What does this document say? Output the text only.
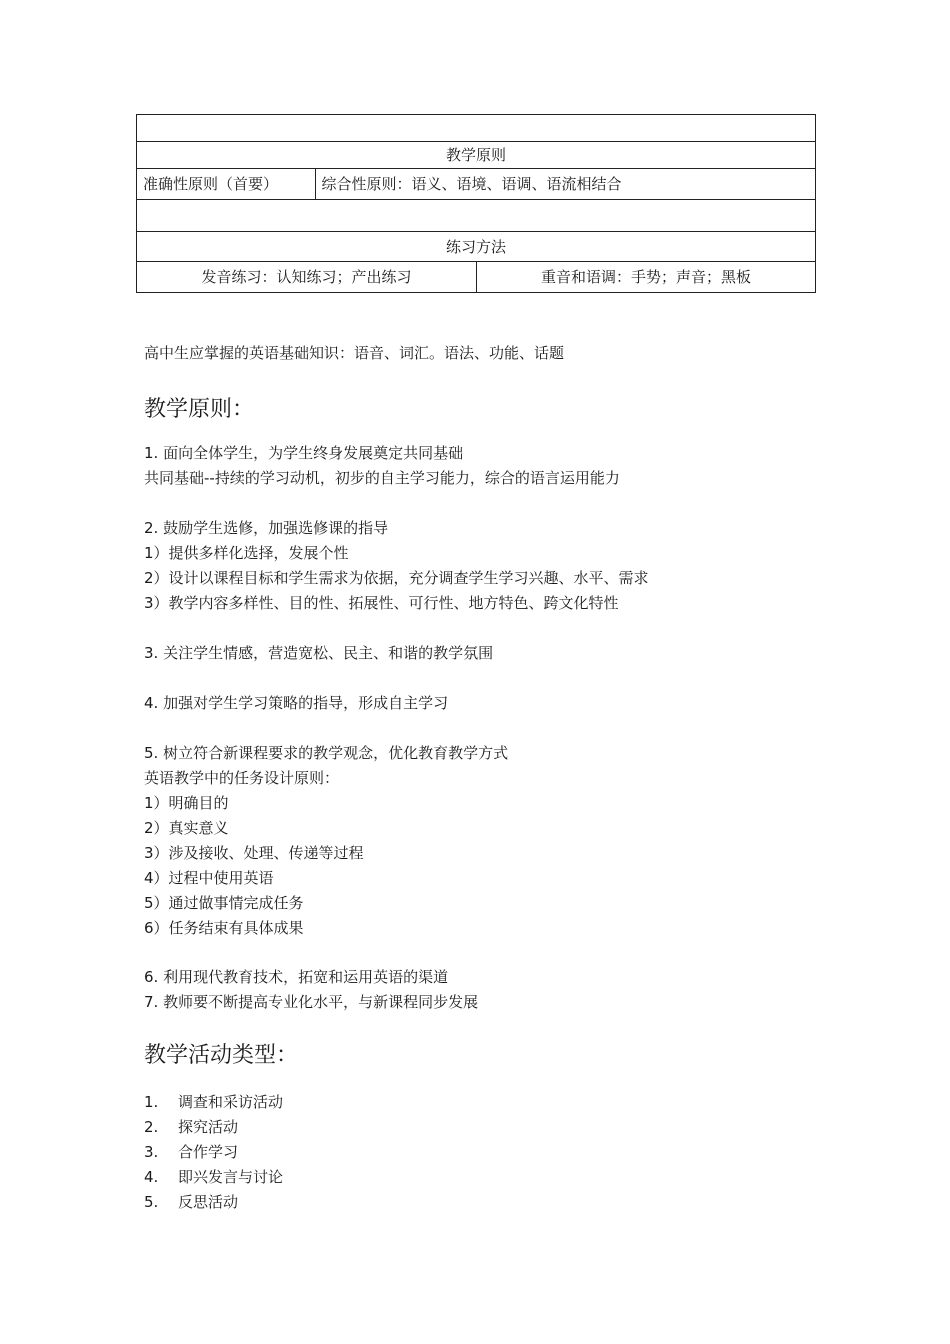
教学原则
准确性原则（首要）	综合性原则：语义、语境、语调、语流相结合
练习方法
发音练习：认知练习；产出练习	重音和语调：手势；声音；黑板
高中生应掌握的英语基础知识：语音、词汇。语法、功能、话题
教学原则：
1. 面向全体学生，为学生终身发展奠定共同基础
共同基础--持续的学习动机，初步的自主学习能力，综合的语言运用能力
2. 鼓励学生选修，加强选修课的指导
1）提供多样化选择，发展个性
2）设计以课程目标和学生需求为依据，充分调查学生学习兴趣、水平、需求
3）教学内容多样性、目的性、拓展性、可行性、地方特色、跨文化特性
3. 关注学生情感，营造宽松、民主、和谐的教学氛围
4. 加强对学生学习策略的指导，形成自主学习
5. 树立符合新课程要求的教学观念，优化教育教学方式
英语教学中的任务设计原则：
1）明确目的
2）真实意义
3）涉及接收、处理、传递等过程
4）过程中使用英语
5）通过做事情完成任务
6）任务结束有具体成果
6. 利用现代教育技术，拓宽和运用英语的渠道
7. 教师要不断提高专业化水平，与新课程同步发展
教学活动类型：
1. 调查和采访活动
2. 探究活动
3. 合作学习
4. 即兴发言与讨论
5. 反思活动
